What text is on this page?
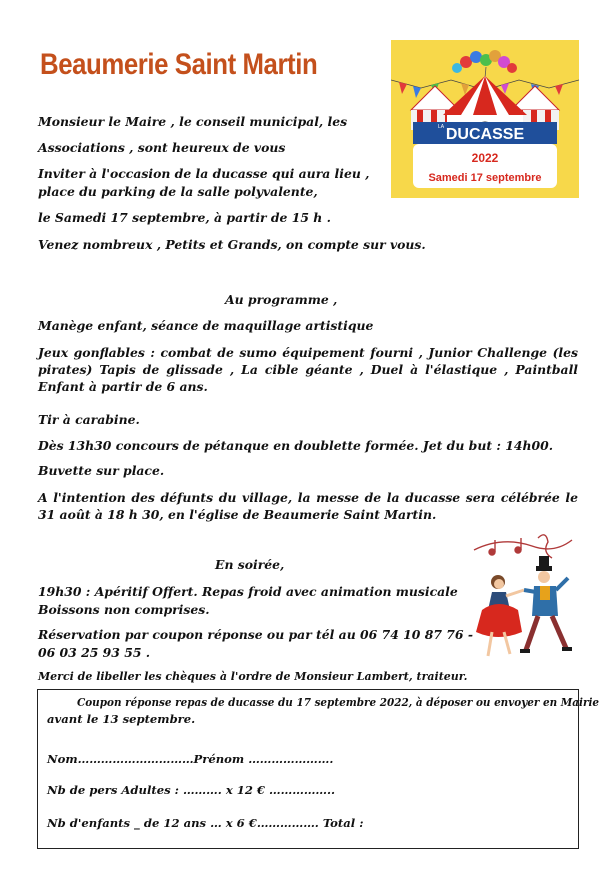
Beaumerie Saint Martin
Monsieur le Maire , le conseil municipal, les
Associations , sont heureux de vous
Inviter à l'occasion de la ducasse qui aura lieu ,
place du parking de la salle polyvalente,
le Samedi 17 septembre, à partir de 15 h .
Venez nombreux , Petits et Grands, on compte sur vous.
DUCASSE
LA
2022
Samedi 17 septembre
Au programme ,
Manège enfant, séance de maquillage artistique
Jeux gonflables : combat de sumo équipement fourni , Junior Challenge (les pirates) Tapis de glissade , La cible géante , Duel à l'élastique , Paintball Enfant à partir de 6 ans.
Tir à carabine.
Dès 13h30 concours de pétanque en doublette formée. Jet du but : 14h00.
Buvette sur place.
A l'intention des défunts du village, la messe de la ducasse sera célébrée le 31 août à 18 h 30, en l'église de Beaumerie Saint Martin.
En soirée,
19h30 : Apéritif Offert. Repas froid avec animation musicale
Boissons non comprises.
Réservation par coupon réponse ou par tél au 06 74 10 87 76 -
06 03 25 93 55 .
Merci de libeller les chèques à l'ordre de Monsieur Lambert, traiteur.
Coupon réponse repas de ducasse du 17 septembre 2022, à déposer ou envoyer en Mairie
avant le 13 septembre.
Nom…………………………Prénom ………………….
Nb de pers Adultes : ………. x 12 € ……………..
Nb d'enfants _ de 12 ans … x 6 €……………. Total :
